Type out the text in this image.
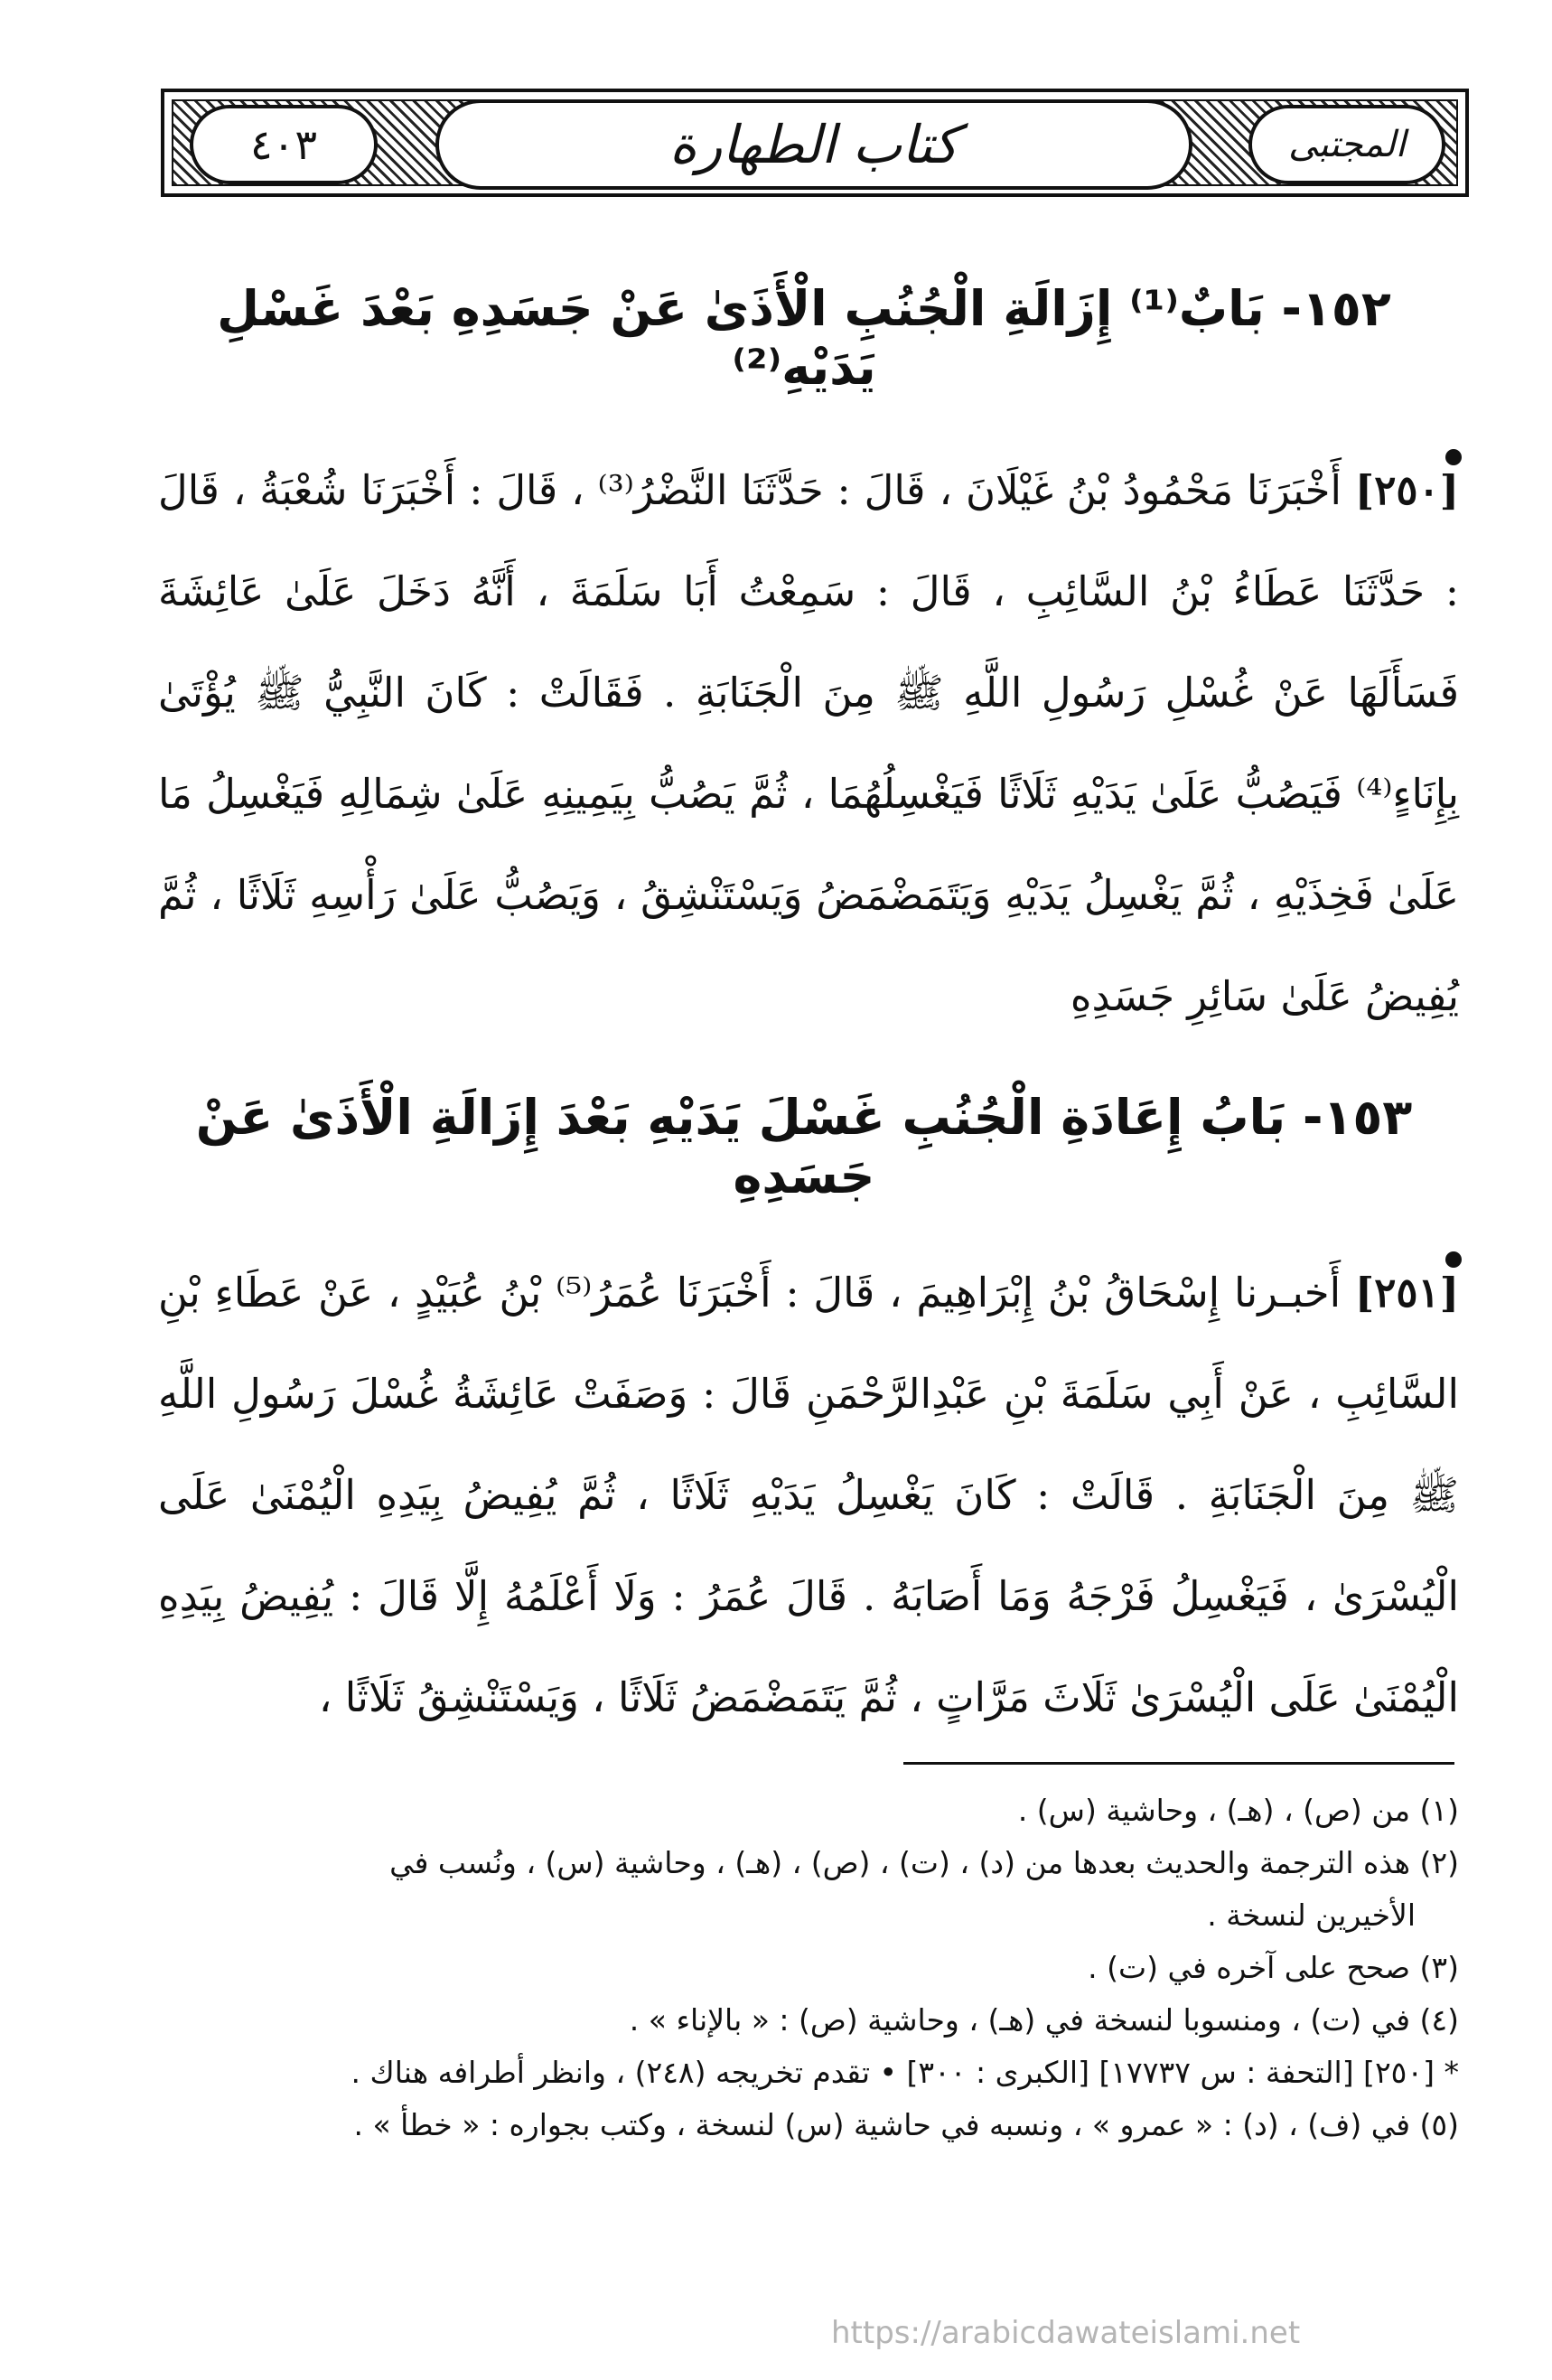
٤٠٣	كتاب الطهارة	المجتبى
١٥٢- بَابٌ⁽¹⁾ إِزَالَةِ الْجُنُبِ الْأَذَىٰ عَنْ جَسَدِهِ بَعْدَ غَسْلِ يَدَيْهِ⁽²⁾

[٢٥٠] أَخْبَرَنَا مَحْمُودُ بْنُ غَيْلَانَ ، قَالَ : حَدَّثَنَا النَّضْرُ⁽³⁾ ، قَالَ : أَخْبَرَنَا شُعْبَةُ ، قَالَ : حَدَّثَنَا عَطَاءُ بْنُ السَّائِبِ ، قَالَ : سَمِعْتُ أَبَا سَلَمَةَ ، أَنَّهُ دَخَلَ عَلَىٰ عَائِشَةَ فَسَأَلَهَا عَنْ غُسْلِ رَسُولِ اللَّهِ ﷺ مِنَ الْجَنَابَةِ . فَقَالَتْ : كَانَ النَّبِيُّ ﷺ يُؤْتَىٰ بِإِنَاءٍ⁽⁴⁾ فَيَصُبُّ عَلَىٰ يَدَيْهِ ثَلَاثًا فَيَغْسِلُهُمَا ، ثُمَّ يَصُبُّ بِيَمِينِهِ عَلَىٰ شِمَالِهِ فَيَغْسِلُ مَا عَلَىٰ فَخِذَيْهِ ، ثُمَّ يَغْسِلُ يَدَيْهِ وَيَتَمَضْمَضُ وَيَسْتَنْشِقُ ، وَيَصُبُّ عَلَىٰ رَأْسِهِ ثَلَاثًا ، ثُمَّ يُفِيضُ عَلَىٰ سَائِرِ جَسَدِهِ

١٥٣- بَابُ إِعَادَةِ الْجُنُبِ غَسْلَ يَدَيْهِ بَعْدَ إِزَالَةِ الْأَذَىٰ عَنْ جَسَدِهِ

[٢٥١] أَخبـرنا إِسْحَاقُ بْنُ إِبْرَاهِيمَ ، قَالَ : أَخْبَرَنَا عُمَرُ⁽⁵⁾ بْنُ عُبَيْدٍ ، عَنْ عَطَاءِ بْنِ السَّائِبِ ، عَنْ أَبِي سَلَمَةَ بْنِ عَبْدِالرَّحْمَنِ قَالَ : وَصَفَتْ عَائِشَةُ غُسْلَ رَسُولِ اللَّهِ ﷺ مِنَ الْجَنَابَةِ . قَالَتْ : كَانَ يَغْسِلُ يَدَيْهِ ثَلَاثًا ، ثُمَّ يُفِيضُ بِيَدِهِ الْيُمْنَىٰ عَلَى الْيُسْرَىٰ ، فَيَغْسِلُ فَرْجَهُ وَمَا أَصَابَهُ . قَالَ عُمَرُ : وَلَا أَعْلَمُهُ إِلَّا قَالَ : يُفِيضُ بِيَدِهِ الْيُمْنَىٰ عَلَى الْيُسْرَىٰ ثَلَاثَ مَرَّاتٍ ، ثُمَّ يَتَمَضْمَضُ ثَلَاثًا ، وَيَسْتَنْشِقُ ثَلَاثًا ،

(١) من (ص) ، (هـ) ، وحاشية (س) .

(٢) هذه الترجمة والحديث بعدها من (د) ، (ت) ، (ص) ، (هـ) ، وحاشية (س) ، ونُسب في

الأخيرين لنسخة .

(٣) صحح على آخره في (ت) .

(٤) في (ت) ، ومنسوبا لنسخة في (هـ) ، وحاشية (ص) : « بالإناء » .

* [٢٥٠] [التحفة : س ١٧٧٣٧] [الكبرى : ٣٠٠] • تقدم تخريجه (٢٤٨) ، وانظر أطرافه هناك .

(٥) في (ف) ، (د) : « عمرو » ، ونسبه في حاشية (س) لنسخة ، وكتب بجواره : « خطأ » .

https://arabicdawateislami.net
